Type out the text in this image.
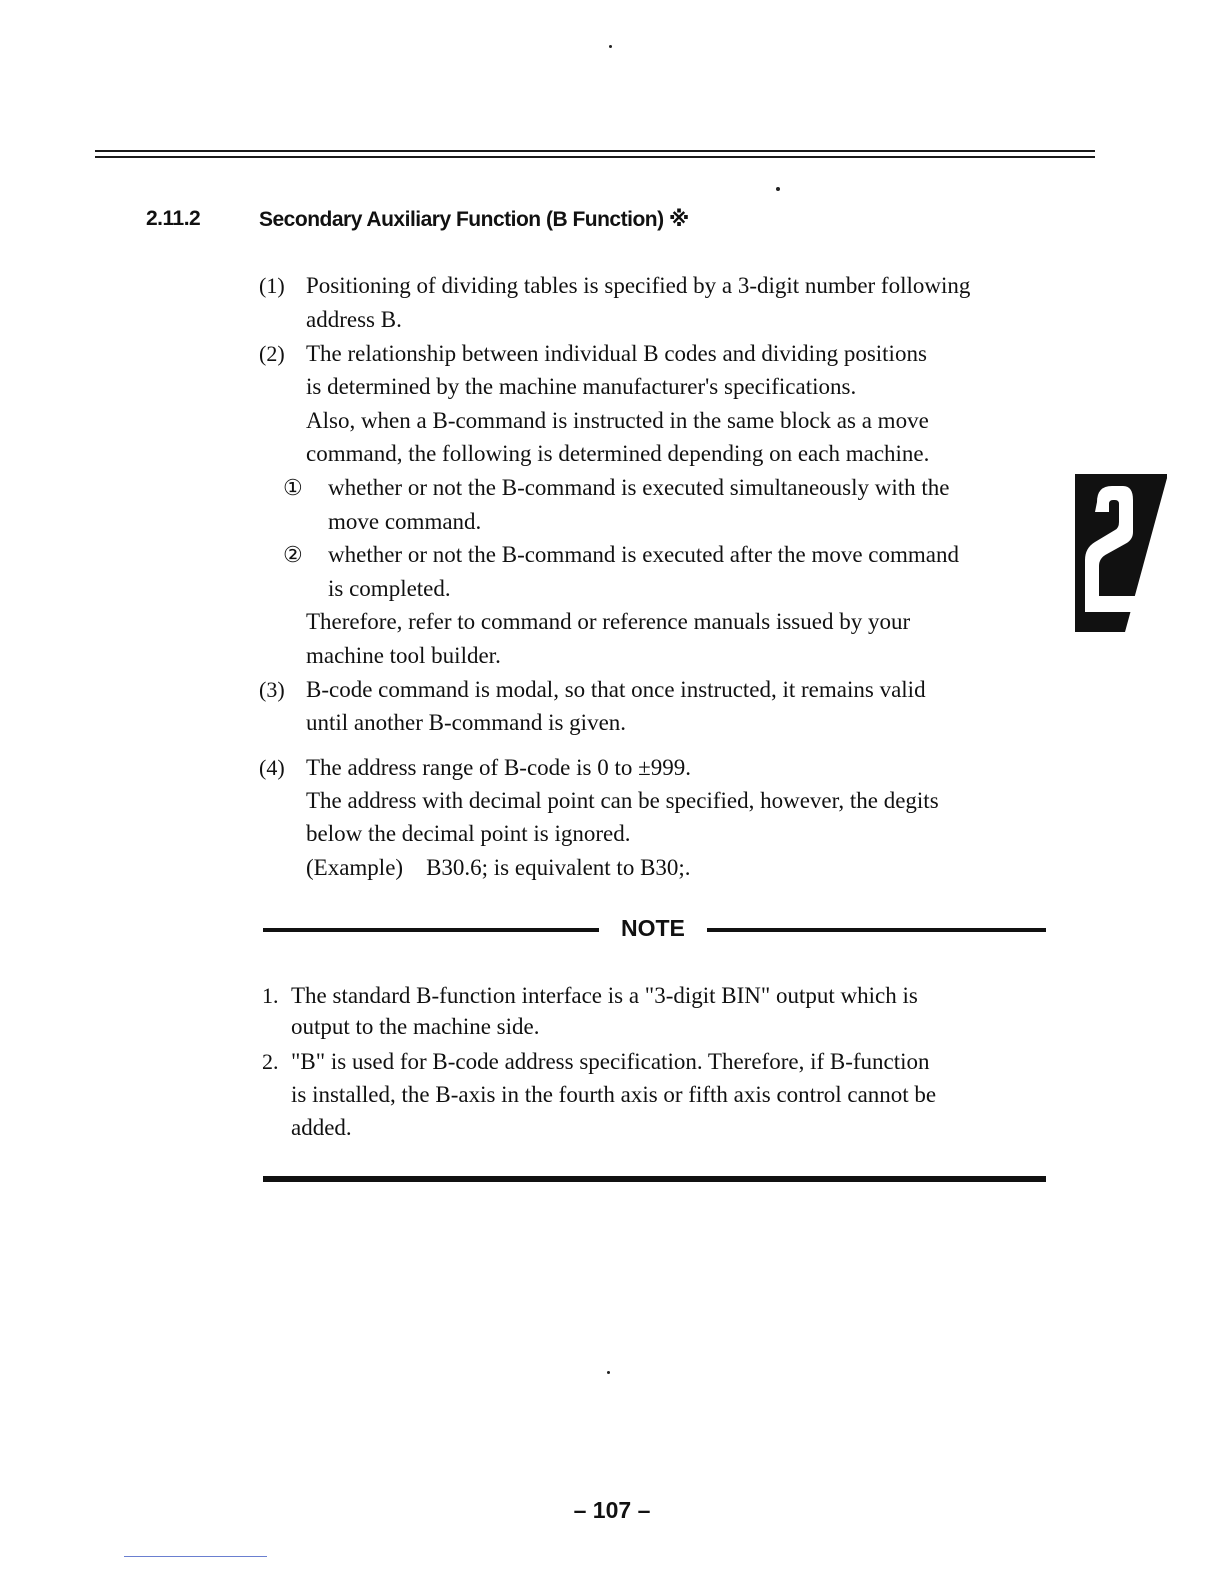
2.11.2	Secondary Auxiliary Function (B Function) ※
(1) Positioning of dividing tables is specified by a 3-digit number following
address B.
(2) The relationship between individual B codes and dividing positions
is determined by the machine manufacturer's specifications.
Also, when a B-command is instructed in the same block as a move
command, the following is determined depending on each machine.
① whether or not the B-command is executed simultaneously with the
move command.
② whether or not the B-command is executed after the move command
is completed.
Therefore, refer to command or reference manuals issued by your
machine tool builder.
(3) B-code command is modal, so that once instructed, it remains valid
until another B-command is given.
(4) The address range of B-code is 0 to ±999.
The address with decimal point can be specified, however, the degits
below the decimal point is ignored.
(Example)    B30.6; is equivalent to B30;.
NOTE
1. The standard B-function interface is a "3-digit BIN" output which is
output to the machine side.
2. "B" is used for B-code address specification. Therefore, if B-function
is installed, the B-axis in the fourth axis or fifth axis control cannot be
added.
– 107 –
